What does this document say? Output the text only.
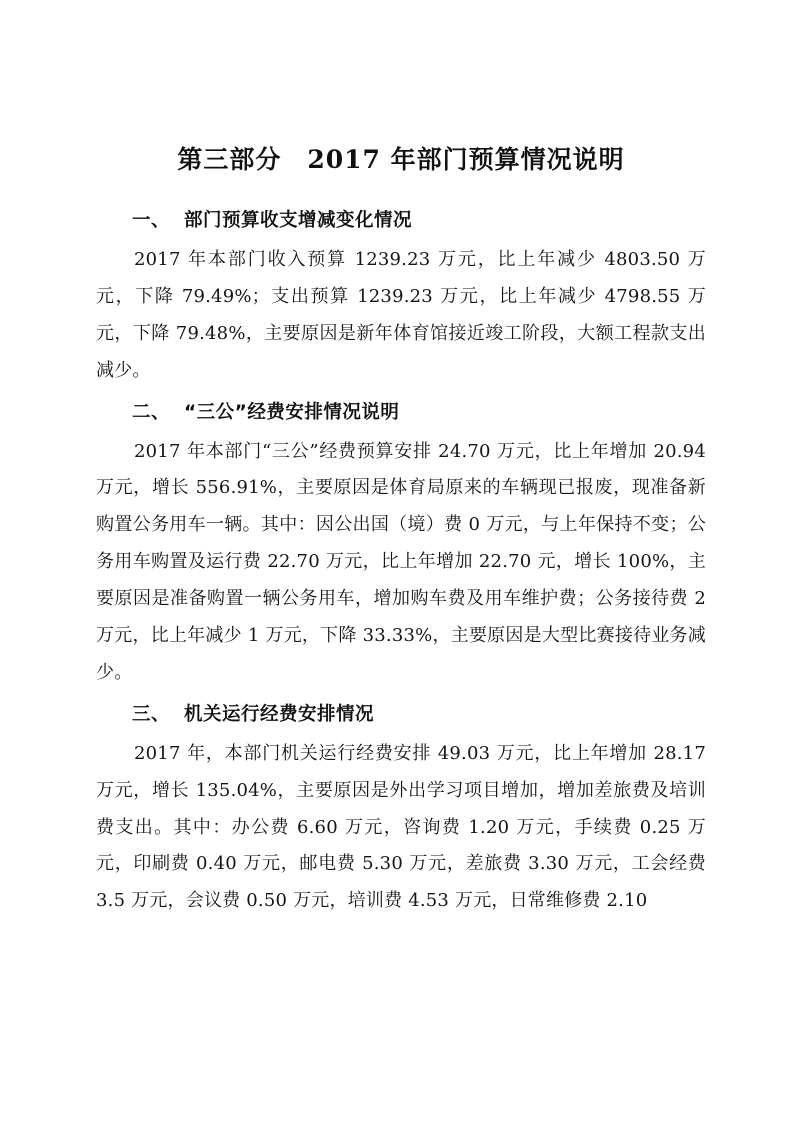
第三部分 2017 年部门预算情况说明
一、 部门预算收支增减变化情况

2017 年本部门收入预算 1239.23 万元，比上年减少 4803.50 万元，下降 79.49%；支出预算 1239.23 万元，比上年减少 4798.55 万元，下降 79.48%，主要原因是新年体育馆接近竣工阶段，大额工程款支出减少。

二、 “三公”经费安排情况说明

2017 年本部门“三公”经费预算安排 24.70 万元，比上年增加 20.94 万元，增长 556.91%，主要原因是体育局原来的车辆现已报废，现准备新购置公务用车一辆。其中：因公出国（境）费 0 万元，与上年保持不变；公务用车购置及运行费 22.70 万元，比上年增加 22.70 元，增长 100%，主要原因是准备购置一辆公务用车，增加购车费及用车维护费；公务接待费 2 万元，比上年减少 1 万元，下降 33.33%，主要原因是大型比赛接待业务减少。

三、 机关运行经费安排情况

2017 年，本部门机关运行经费安排 49.03 万元，比上年增加 28.17 万元，增长 135.04%，主要原因是外出学习项目增加，增加差旅费及培训费支出。其中：办公费 6.60 万元，咨询费 1.20 万元，手续费 0.25 万元，印刷费 0.40 万元，邮电费 5.30 万元，差旅费 3.30 万元，工会经费 3.5 万元，会议费 0.50 万元，培训费 4.53 万元，日常维修费 2.10
